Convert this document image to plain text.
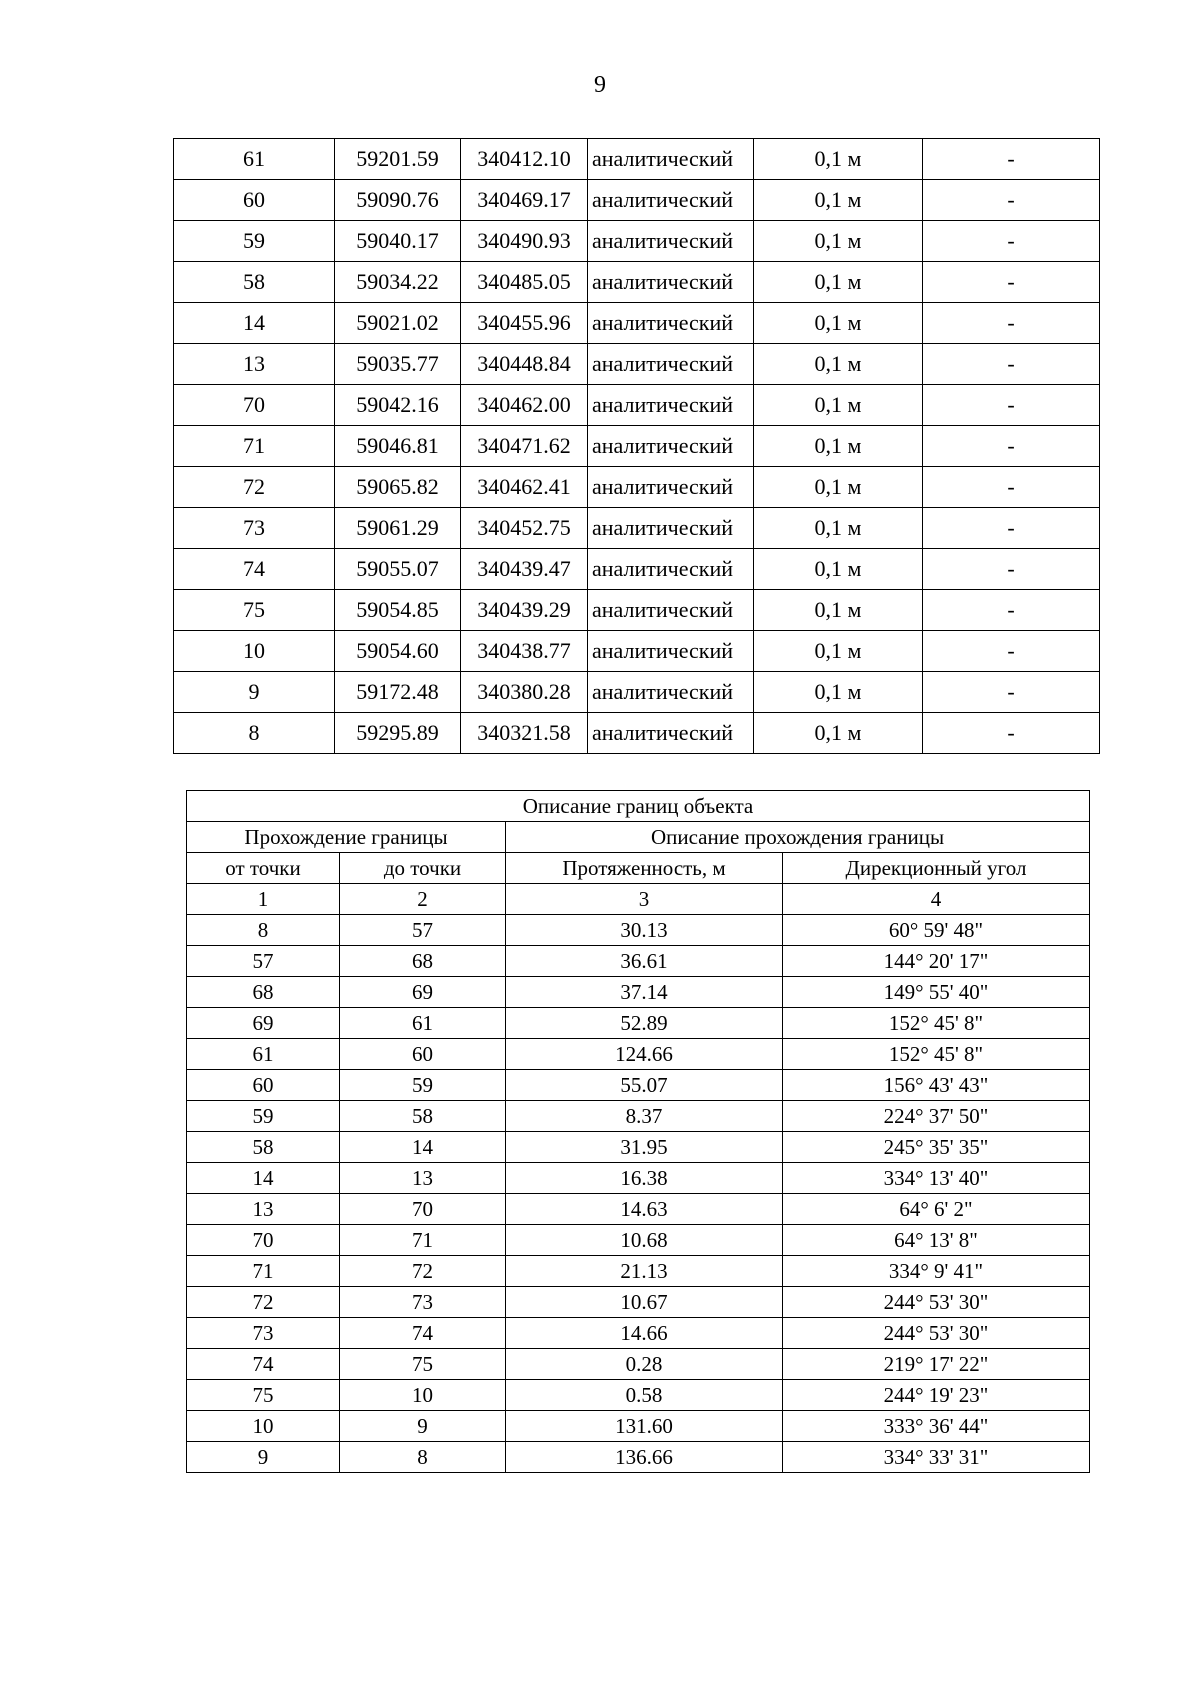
9
61	59201.59	340412.10	аналитический	0,1 м	-
60	59090.76	340469.17	аналитический	0,1 м	-
59	59040.17	340490.93	аналитический	0,1 м	-
58	59034.22	340485.05	аналитический	0,1 м	-
14	59021.02	340455.96	аналитический	0,1 м	-
13	59035.77	340448.84	аналитический	0,1 м	-
70	59042.16	340462.00	аналитический	0,1 м	-
71	59046.81	340471.62	аналитический	0,1 м	-
72	59065.82	340462.41	аналитический	0,1 м	-
73	59061.29	340452.75	аналитический	0,1 м	-
74	59055.07	340439.47	аналитический	0,1 м	-
75	59054.85	340439.29	аналитический	0,1 м	-
10	59054.60	340438.77	аналитический	0,1 м	-
9	59172.48	340380.28	аналитический	0,1 м	-
8	59295.89	340321.58	аналитический	0,1 м	-
Описание границ объекта			
Прохождение границы		Описание прохождения границы	
от точки	до точки	Протяженность, м	Дирекционный угол
1	2	3	4
8	57	30.13	60° 59' 48"
57	68	36.61	144° 20' 17"
68	69	37.14	149° 55' 40"
69	61	52.89	152° 45' 8"
61	60	124.66	152° 45' 8"
60	59	55.07	156° 43' 43"
59	58	8.37	224° 37' 50"
58	14	31.95	245° 35' 35"
14	13	16.38	334° 13' 40"
13	70	14.63	64° 6' 2"
70	71	10.68	64° 13' 8"
71	72	21.13	334° 9' 41"
72	73	10.67	244° 53' 30"
73	74	14.66	244° 53' 30"
74	75	0.28	219° 17' 22"
75	10	0.58	244° 19' 23"
10	9	131.60	333° 36' 44"
9	8	136.66	334° 33' 31"
